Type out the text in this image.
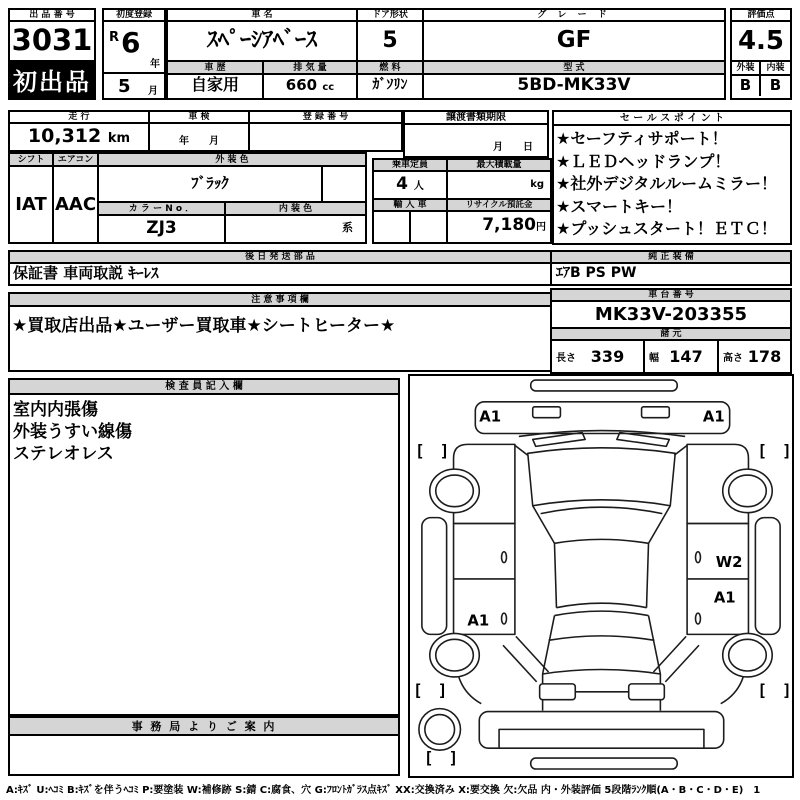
出 品 番 号
3031
初出品
初度登録
R 6
年
5 月
車 名
ｽﾍﾟｰｼｱﾍﾞｰｽ
ドア形状
5
グ レ ー ド
GF
車 歴
自家用
排 気 量
660 cc
燃 料
ｶﾞｿﾘﾝ
型 式
5BD-MK33V
評価点
4.5
外装	内装
B	B
走 行
10,312 km
車 検
年　　月
登 録 番 号	譲渡書類期限
月　　日
シフト
IAT
エアコン
AAC
外 装 色
ﾌﾞﾗｯｸ
カ ラ ー N o ．	内 装 色
ZJ3	系
乗車定員	最大積載量
4 人	kg
輸 入 車	リサイクル預託金
7,180円
セ ー ル ス ポ イ ン ト
★セーフティサポート！
★ＬＥＤヘッドランプ！
★社外デジタルルームミラー！
★スマートキー！
★プッシュスタート！ＥＴＣ！
後 日 発 送 部 品
保証書 車両取説 ｷｰﾚｽ
純 正 装 備
ｴｱB PS PW
注 意 事 項 欄
★買取店出品★ユーザー買取車★シートヒーター★
車 台 番 号
MK33V-203355
諸 元
長さ 339	幅 147	高さ 178
検 査 員 記 入 欄
室内内張傷
外装うすい線傷
ステレオレス
事 務 局 よ り ご 案 内
A1	A1
W2
A1
A1
[ ]	[ ]
[ ]	[ ]
[ ]
A:ｷｽﾞ U:ﾍｺﾐ B:ｷｽﾞを伴うﾍｺﾐ P:要塗装 W:補修跡 S:錆 C:腐食、穴 G:ﾌﾛﾝﾄｶﾞﾗｽ点ｷｽﾞ XX:交換済み X:要交換 欠:欠品 内・外装評価 5段階ﾗﾝｸ順(A・B・C・D・E)　1
